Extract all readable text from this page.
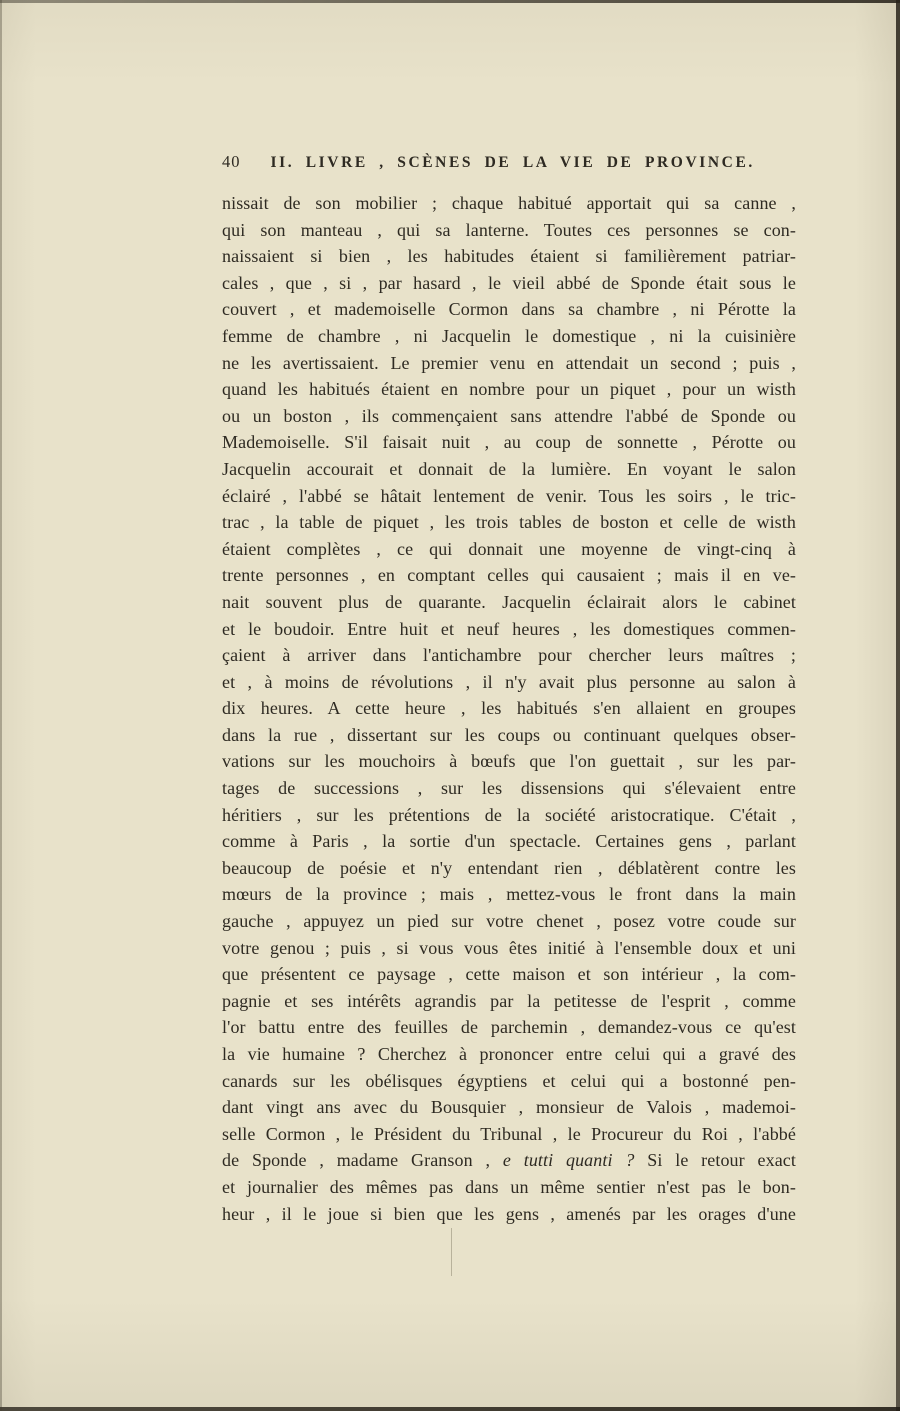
40 II. LIVRE , SCÈNES DE LA VIE DE PROVINCE.
nissait de son mobilier ; chaque habitué apportait qui sa canne ,
qui son manteau , qui sa lanterne. Toutes ces personnes se con-
naissaient si bien , les habitudes étaient si familièrement patriar-
cales , que , si , par hasard , le vieil abbé de Sponde était sous le
couvert , et mademoiselle Cormon dans sa chambre , ni Pérotte la
femme de chambre , ni Jacquelin le domestique , ni la cuisinière
ne les avertissaient. Le premier venu en attendait un second ; puis ,
quand les habitués étaient en nombre pour un piquet , pour un wisth
ou un boston , ils commençaient sans attendre l'abbé de Sponde ou
Mademoiselle. S'il faisait nuit , au coup de sonnette , Pérotte ou
Jacquelin accourait et donnait de la lumière. En voyant le salon
éclairé , l'abbé se hâtait lentement de venir. Tous les soirs , le tric-
trac , la table de piquet , les trois tables de boston et celle de wisth
étaient complètes , ce qui donnait une moyenne de vingt-cinq à
trente personnes , en comptant celles qui causaient ; mais il en ve-
nait souvent plus de quarante. Jacquelin éclairait alors le cabinet
et le boudoir. Entre huit et neuf heures , les domestiques commen-
çaient à arriver dans l'antichambre pour chercher leurs maîtres ;
et , à moins de révolutions , il n'y avait plus personne au salon à
dix heures. A cette heure , les habitués s'en allaient en groupes
dans la rue , dissertant sur les coups ou continuant quelques obser-
vations sur les mouchoirs à bœufs que l'on guettait , sur les par-
tages de successions , sur les dissensions qui s'élevaient entre
héritiers , sur les prétentions de la société aristocratique. C'était ,
comme à Paris , la sortie d'un spectacle. Certaines gens , parlant
beaucoup de poésie et n'y entendant rien , déblatèrent contre les
mœurs de la province ; mais , mettez-vous le front dans la main
gauche , appuyez un pied sur votre chenet , posez votre coude sur
votre genou ; puis , si vous vous êtes initié à l'ensemble doux et uni
que présentent ce paysage , cette maison et son intérieur , la com-
pagnie et ses intérêts agrandis par la petitesse de l'esprit , comme
l'or battu entre des feuilles de parchemin , demandez-vous ce qu'est
la vie humaine ? Cherchez à prononcer entre celui qui a gravé des
canards sur les obélisques égyptiens et celui qui a bostonné pen-
dant vingt ans avec du Bousquier , monsieur de Valois , mademoi-
selle Cormon , le Président du Tribunal , le Procureur du Roi , l'abbé
de Sponde , madame Granson , e tutti quanti ? Si le retour exact
et journalier des mêmes pas dans un même sentier n'est pas le bon-
heur , il le joue si bien que les gens , amenés par les orages d'une
